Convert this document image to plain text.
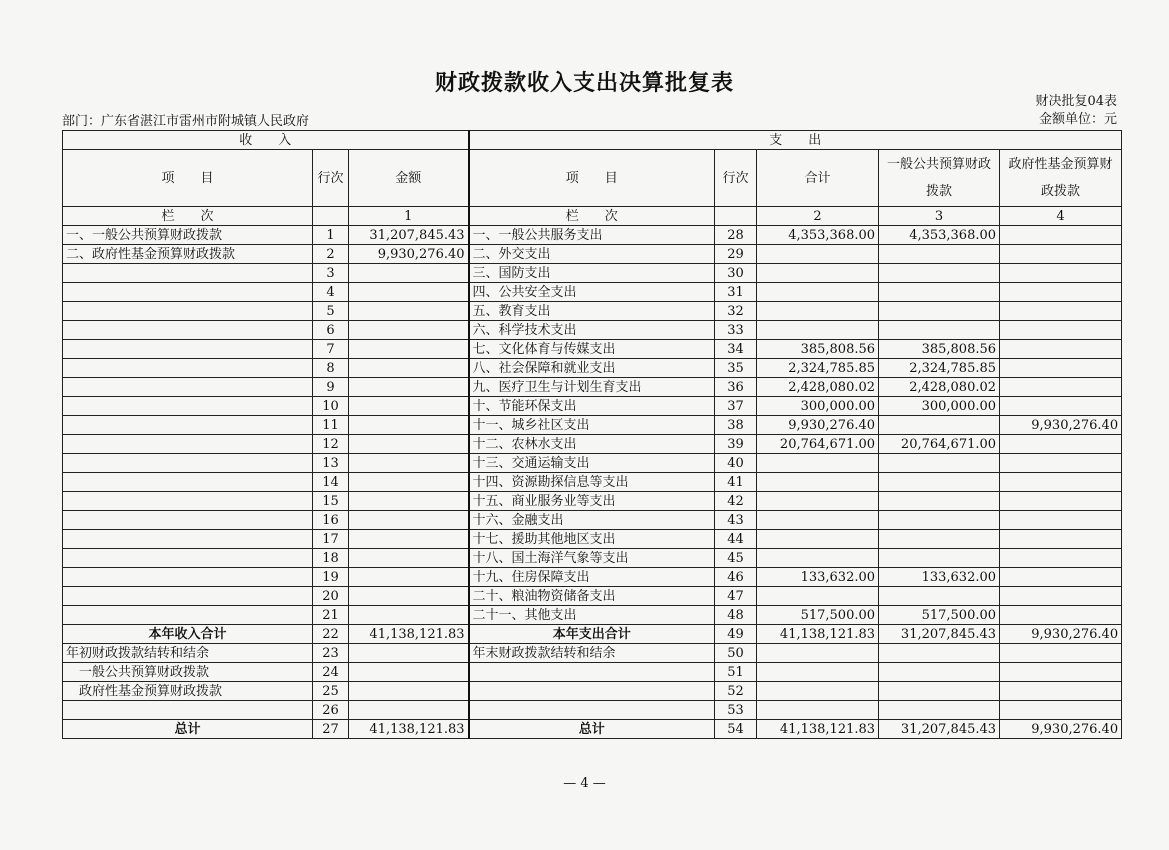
财政拨款收入支出决算批复表
财决批复04表
金额单位：元
部门：广东省湛江市雷州市附城镇人民政府
收　　入			支　　出				
项　　目	行次	金额	项　　目	行次	合计	一般公共预算财政拨款	政府性基金预算财政拨款
栏　　次		1	栏　　次		2	3	4
一、一般公共预算财政拨款	1	31,207,845.43	一、一般公共服务支出	28	4,353,368.00	4,353,368.00	
二、政府性基金预算财政拨款	2	9,930,276.40	二、外交支出	29			
	3		三、国防支出	30			
	4		四、公共安全支出	31			
	5		五、教育支出	32			
	6		六、科学技术支出	33			
	7		七、文化体育与传媒支出	34	385,808.56	385,808.56	
	8		八、社会保障和就业支出	35	2,324,785.85	2,324,785.85	
	9		九、医疗卫生与计划生育支出	36	2,428,080.02	2,428,080.02	
	10		十、节能环保支出	37	300,000.00	300,000.00	
	11		十一、城乡社区支出	38	9,930,276.40		9,930,276.40
	12		十二、农林水支出	39	20,764,671.00	20,764,671.00	
	13		十三、交通运输支出	40			
	14		十四、资源勘探信息等支出	41			
	15		十五、商业服务业等支出	42			
	16		十六、金融支出	43			
	17		十七、援助其他地区支出	44			
	18		十八、国土海洋气象等支出	45			
	19		十九、住房保障支出	46	133,632.00	133,632.00	
	20		二十、粮油物资储备支出	47			
	21		二十一、其他支出	48	517,500.00	517,500.00	
本年收入合计	22	41,138,121.83	本年支出合计	49	41,138,121.83	31,207,845.43	9,930,276.40
年初财政拨款结转和结余	23		年末财政拨款结转和结余	50			
　一般公共预算财政拨款	24			51			
　政府性基金预算财政拨款	25			52			
	26			53			
总计	27	41,138,121.83	总计	54	41,138,121.83	31,207,845.43	9,930,276.40
— 4 —
